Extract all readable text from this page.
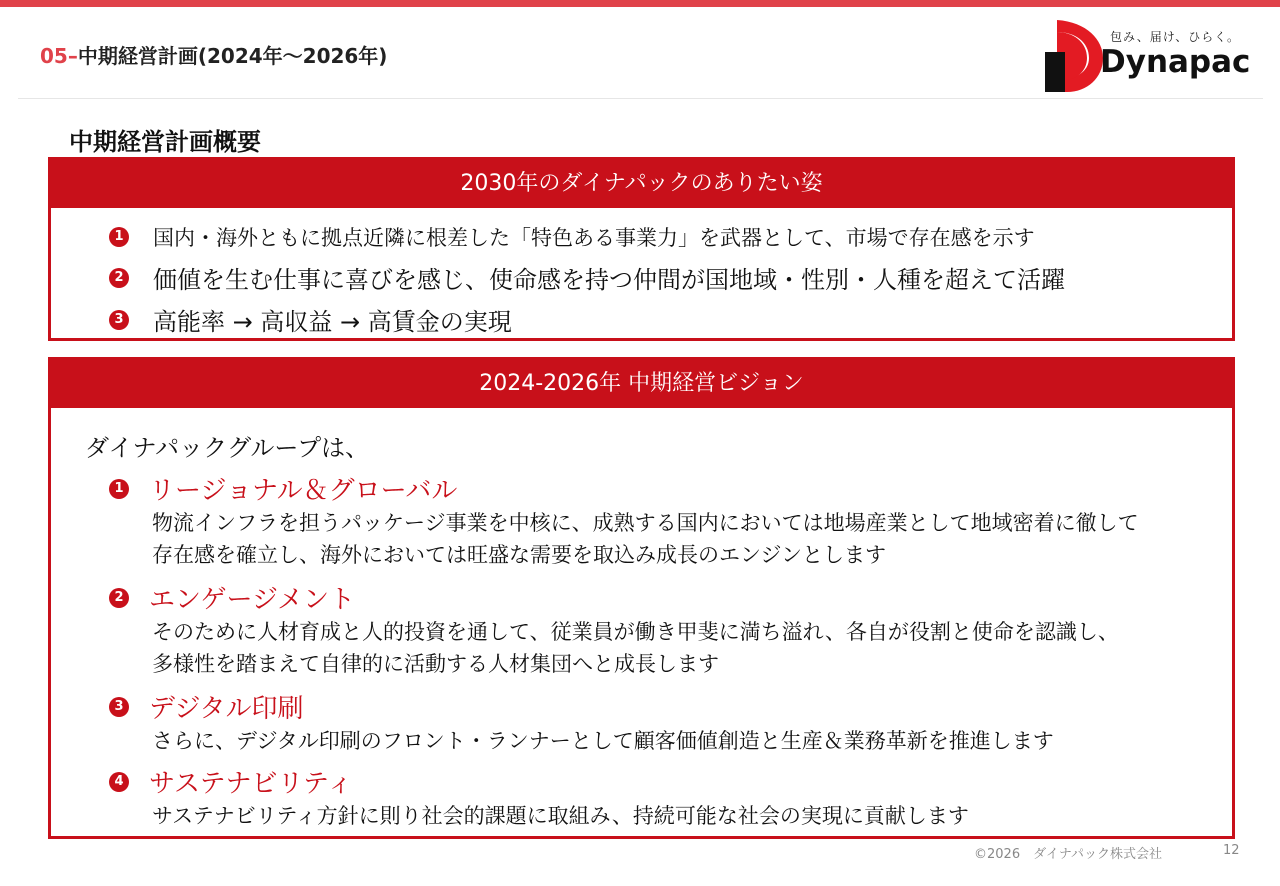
05–中期経営計画(2024年～2026年)
包み、届け、ひらく。
Dynapac
中期経営計画概要
2030年のダイナパックのありたい姿
1 国内・海外ともに拠点近隣に根差した「特色ある事業力」を武器として、市場で存在感を示す
2 価値を生む仕事に喜びを感じ、使命感を持つ仲間が国地域・性別・人種を超えて活躍
3 高能率 → 高収益 → 高賃金の実現
2024-2026年 中期経営ビジョン
ダイナパックグループは、
1 リージョナル＆グローバル
物流インフラを担うパッケージ事業を中核に、成熟する国内においては地場産業として地域密着に徹して
存在感を確立し、海外においては旺盛な需要を取込み成長のエンジンとします
2 エンゲージメント
そのために人材育成と人的投資を通して、従業員が働き甲斐に満ち溢れ、各自が役割と使命を認識し、
多様性を踏まえて自律的に活動する人材集団へと成長します
3 デジタル印刷
さらに、デジタル印刷のフロント・ランナーとして顧客価値創造と生産＆業務革新を推進します
4 サステナビリティ
サステナビリティ方針に則り社会的課題に取組み、持続可能な社会の実現に貢献します
©2026　ダイナパック株式会社	12
